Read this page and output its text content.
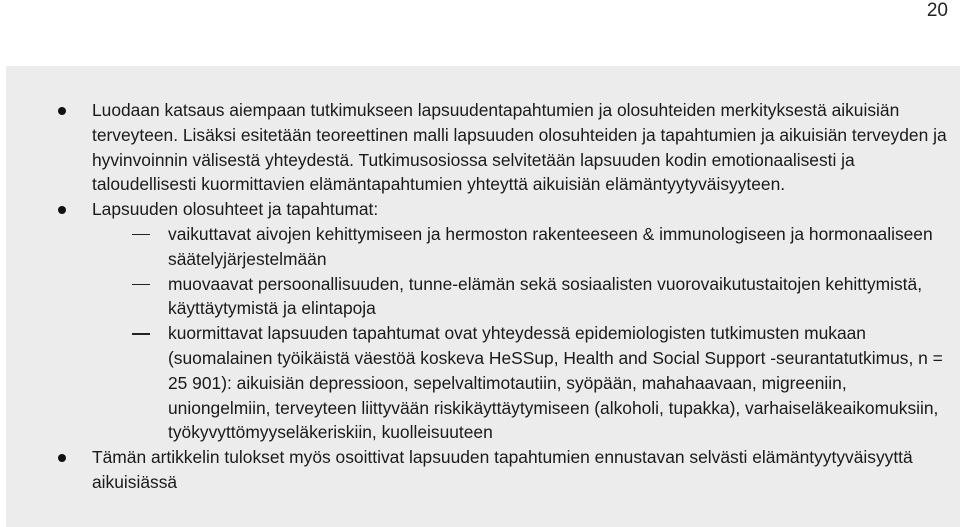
20
Luodaan katsaus aiempaan tutkimukseen lapsuudentapahtumien ja olosuhteiden merkityksestä aikuisiän terveyteen. Lisäksi esitetään teoreettinen malli lapsuuden olosuhteiden ja tapahtumien ja aikuisiän terveyden ja hyvinvoinnin välisestä yhteydestä. Tutkimusosiossa selvitetään lapsuuden kodin emotionaalisesti ja taloudellisesti kuormittavien elämäntapahtumien yhteyttä aikuisiän elämäntyytyväisyyteen.
Lapsuuden olosuhteet ja tapahtumat:
vaikuttavat aivojen kehittymiseen ja hermoston rakenteeseen & immunologiseen ja hormonaaliseen säätelyjärjestelmään
muovaavat persoonallisuuden, tunne-elämän sekä sosiaalisten vuorovaikutustaitojen kehittymistä, käyttäytymistä ja elintapoja
kuormittavat lapsuuden tapahtumat ovat yhteydessä epidemiologisten tutkimusten mukaan (suomalainen työikäistä väestöä koskeva HeSSup, Health and Social Support -seurantatutkimus, n = 25 901): aikuisiän depressioon, sepelvaltimotautiin, syöpään, mahahaavaan, migreeniin, uniongelmiin, terveyteen liittyvään riskikäyttäytymiseen (alkoholi, tupakka), varhaiseläkeaikomuksiin, työkyvyttömyyseläkeriskiin, kuolleisuuteen
Tämän artikkelin tulokset myös osoittivat lapsuuden tapahtumien ennustavan selvästi elämäntyytyväisyyttä aikuisiässä
